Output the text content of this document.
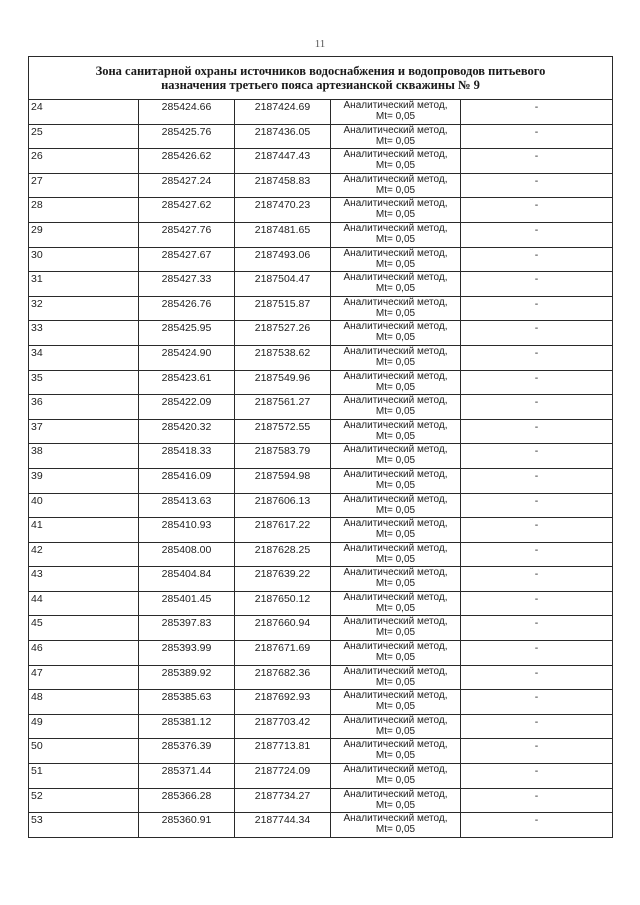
11
Зона санитарной охраны источников водоснабжения и водопроводов питьевого
назначения третьего пояса артезианской скважины № 9				

24	285424.66	2187424.69	Аналитический метод,
Mt= 0,05	-

25	285425.76	2187436.05	Аналитический метод,
Mt= 0,05	-

26	285426.62	2187447.43	Аналитический метод,
Mt= 0,05	-

27	285427.24	2187458.83	Аналитический метод,
Mt= 0,05	-

28	285427.62	2187470.23	Аналитический метод,
Mt= 0,05	-

29	285427.76	2187481.65	Аналитический метод,
Mt= 0,05	-

30	285427.67	2187493.06	Аналитический метод,
Mt= 0,05	-

31	285427.33	2187504.47	Аналитический метод,
Mt= 0,05	-

32	285426.76	2187515.87	Аналитический метод,
Mt= 0,05	-

33	285425.95	2187527.26	Аналитический метод,
Mt= 0,05	-

34	285424.90	2187538.62	Аналитический метод,
Mt= 0,05	-

35	285423.61	2187549.96	Аналитический метод,
Mt= 0,05	-

36	285422.09	2187561.27	Аналитический метод,
Mt= 0,05	-

37	285420.32	2187572.55	Аналитический метод,
Mt= 0,05	-

38	285418.33	2187583.79	Аналитический метод,
Mt= 0,05	-

39	285416.09	2187594.98	Аналитический метод,
Mt= 0,05	-

40	285413.63	2187606.13	Аналитический метод,
Mt= 0,05	-

41	285410.93	2187617.22	Аналитический метод,
Mt= 0,05	-

42	285408.00	2187628.25	Аналитический метод,
Mt= 0,05	-

43	285404.84	2187639.22	Аналитический метод,
Mt= 0,05	-

44	285401.45	2187650.12	Аналитический метод,
Mt= 0,05	-

45	285397.83	2187660.94	Аналитический метод,
Mt= 0,05	-

46	285393.99	2187671.69	Аналитический метод,
Mt= 0,05	-

47	285389.92	2187682.36	Аналитический метод,
Mt= 0,05	-

48	285385.63	2187692.93	Аналитический метод,
Mt= 0,05	-

49	285381.12	2187703.42	Аналитический метод,
Mt= 0,05	-

50	285376.39	2187713.81	Аналитический метод,
Mt= 0,05	-

51	285371.44	2187724.09	Аналитический метод,
Mt= 0,05	-

52	285366.28	2187734.27	Аналитический метод,
Mt= 0,05	-

53	285360.91	2187744.34	Аналитический метод,
Mt= 0,05	-
